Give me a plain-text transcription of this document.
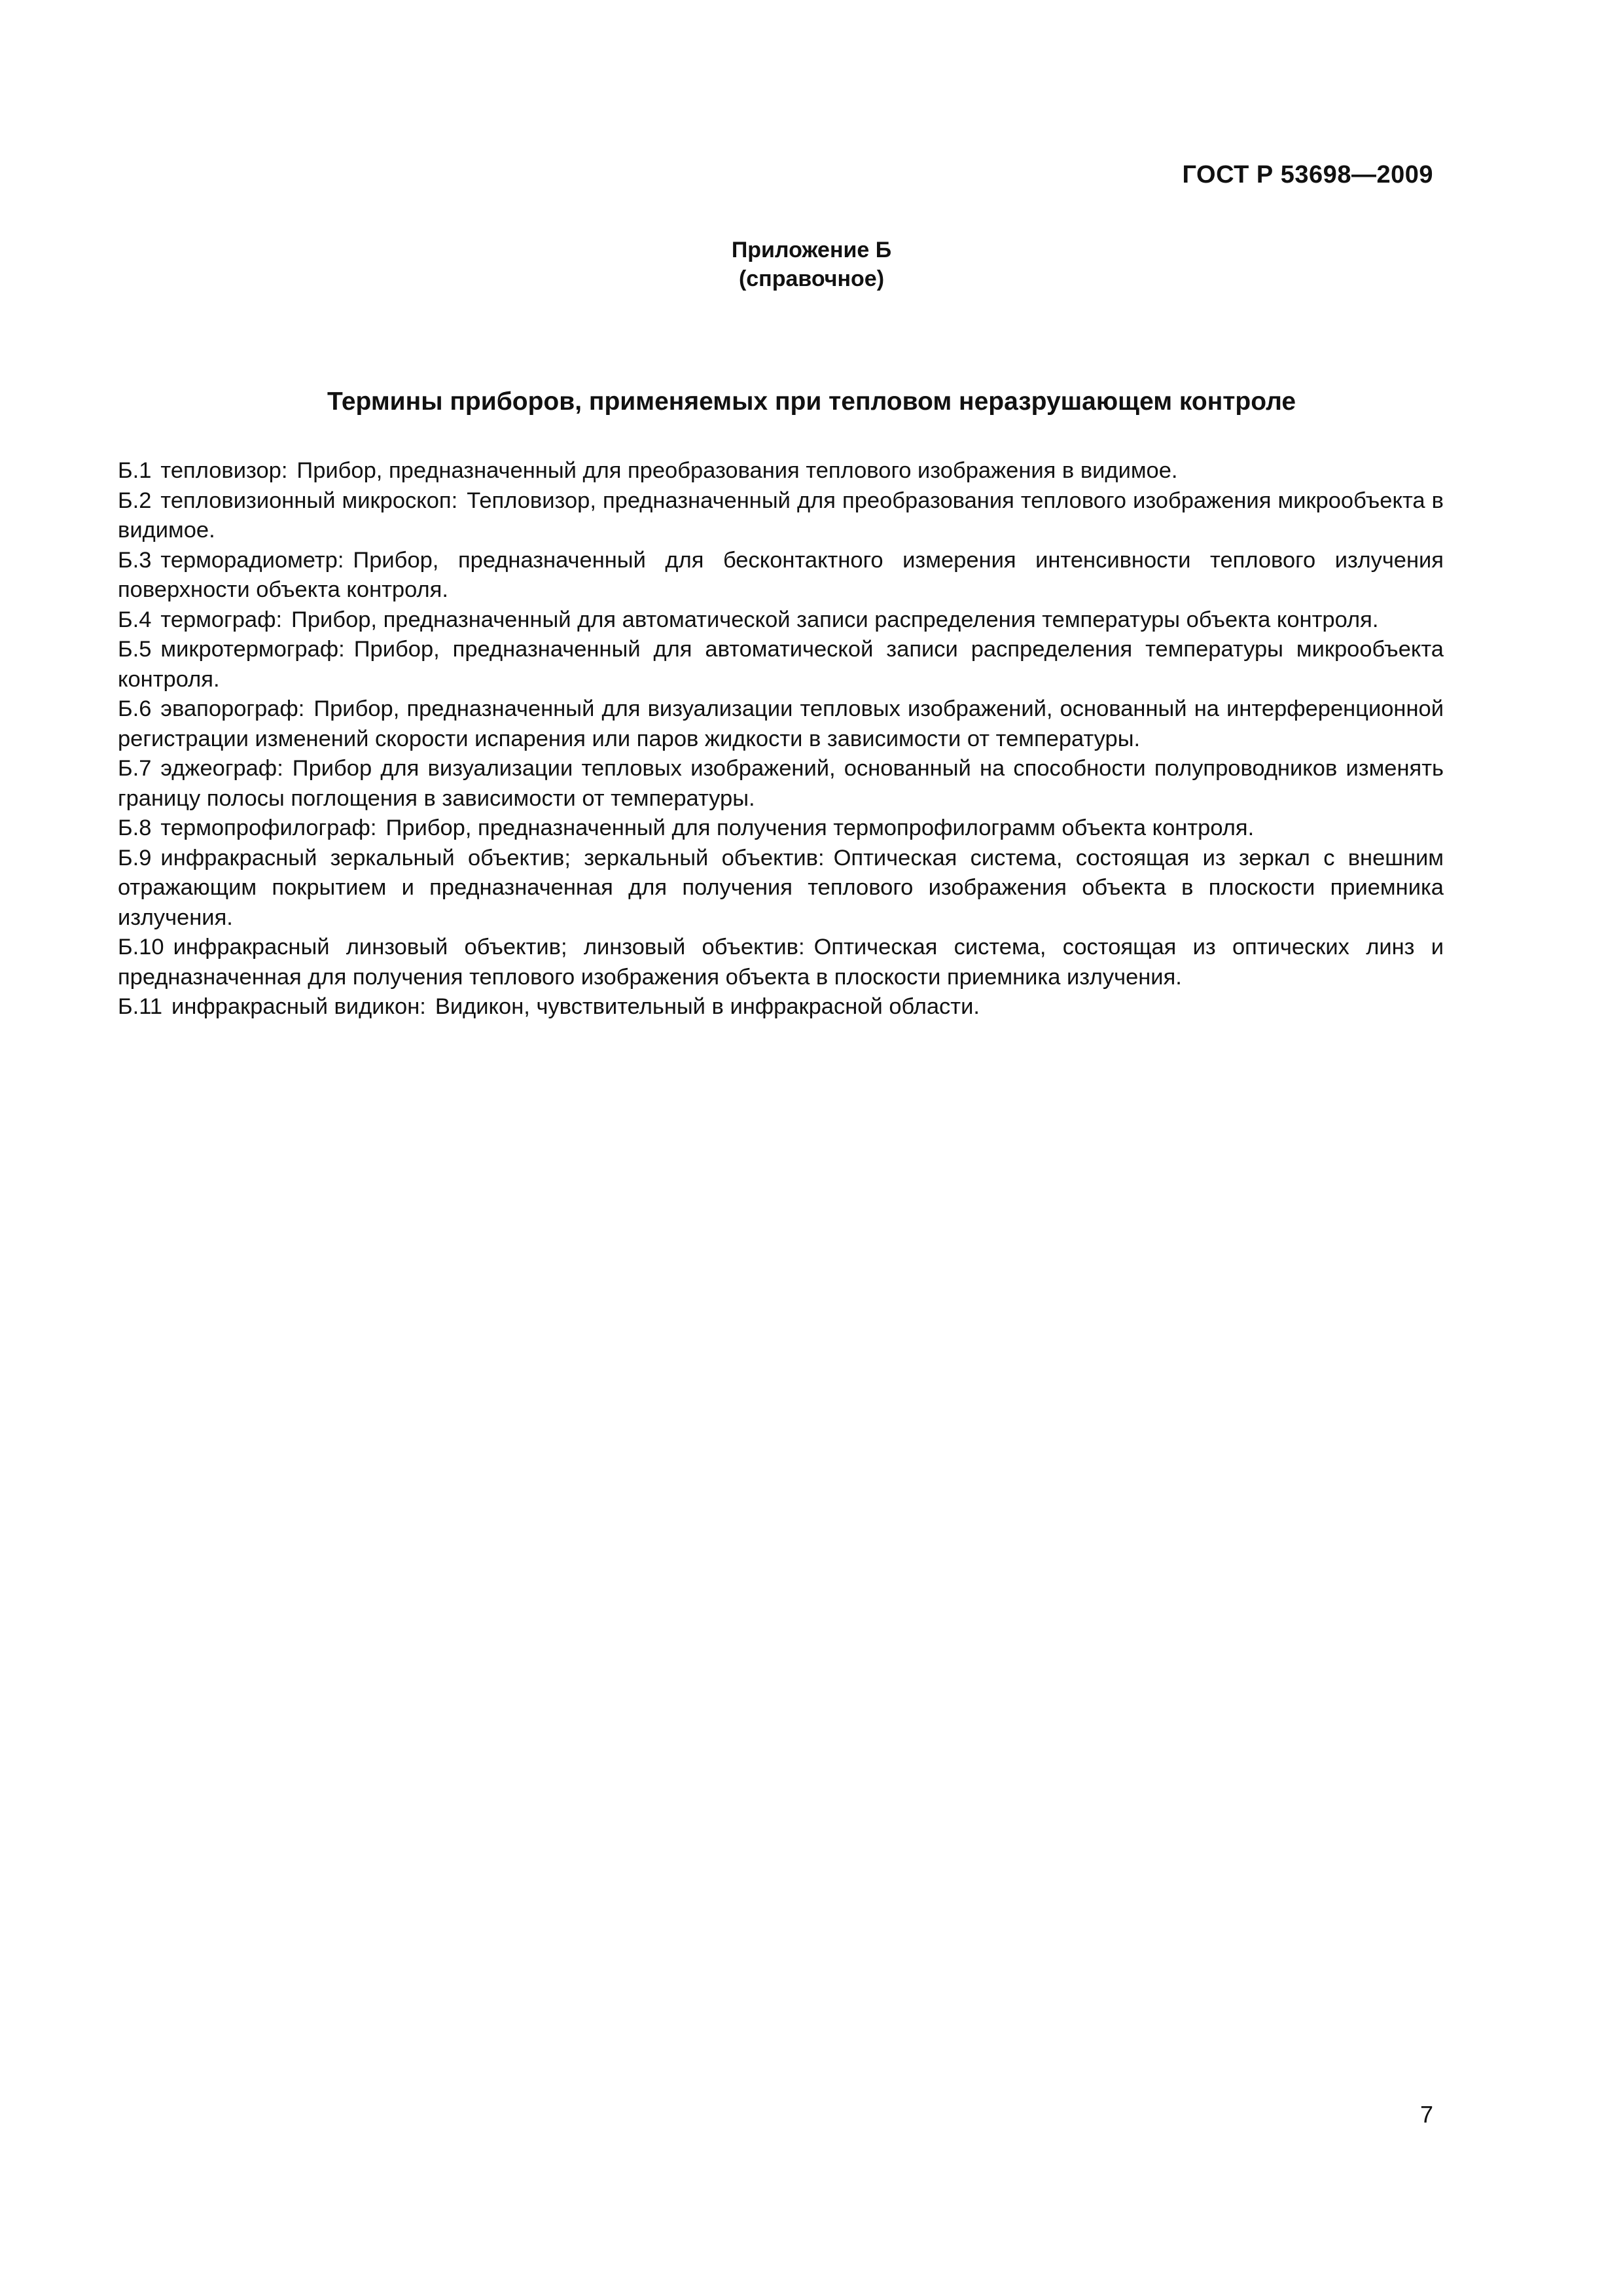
ГОСТ Р 53698—2009
Приложение Б
(справочное)
Термины приборов, применяемых при тепловом неразрушающем контроле
Б.1 тепловизор: Прибор, предназначенный для преобразования теплового изображения в видимое.
Б.2 тепловизионный микроскоп: Тепловизор, предназначенный для преобразования теплового изображения микрообъекта в видимое.
Б.3 терморадиометр: Прибор, предназначенный для бесконтактного измерения интенсивности теплового излучения поверхности объекта контроля.
Б.4 термограф: Прибор, предназначенный для автоматической записи распределения температуры объекта контроля.
Б.5 микротермограф: Прибор, предназначенный для автоматической записи распределения температуры микрообъекта контроля.
Б.6 эвапорограф: Прибор, предназначенный для визуализации тепловых изображений, основанный на интерференционной регистрации изменений скорости испарения или паров жидкости в зависимости от температуры.
Б.7 эджеограф: Прибор для визуализации тепловых изображений, основанный на способности полупроводников изменять границу полосы поглощения в зависимости от температуры.
Б.8 термопрофилограф: Прибор, предназначенный для получения термопрофилограмм объекта контроля.
Б.9 инфракрасный зеркальный объектив; зеркальный объектив: Оптическая система, состоящая из зеркал с внешним отражающим покрытием и предназначенная для получения теплового изображения объекта в плоскости приемника излучения.
Б.10 инфракрасный линзовый объектив; линзовый объектив: Оптическая система, состоящая из оптических линз и предназначенная для получения теплового изображения объекта в плоскости приемника излучения.
Б.11 инфракрасный видикон: Видикон, чувствительный в инфракрасной области.
7
